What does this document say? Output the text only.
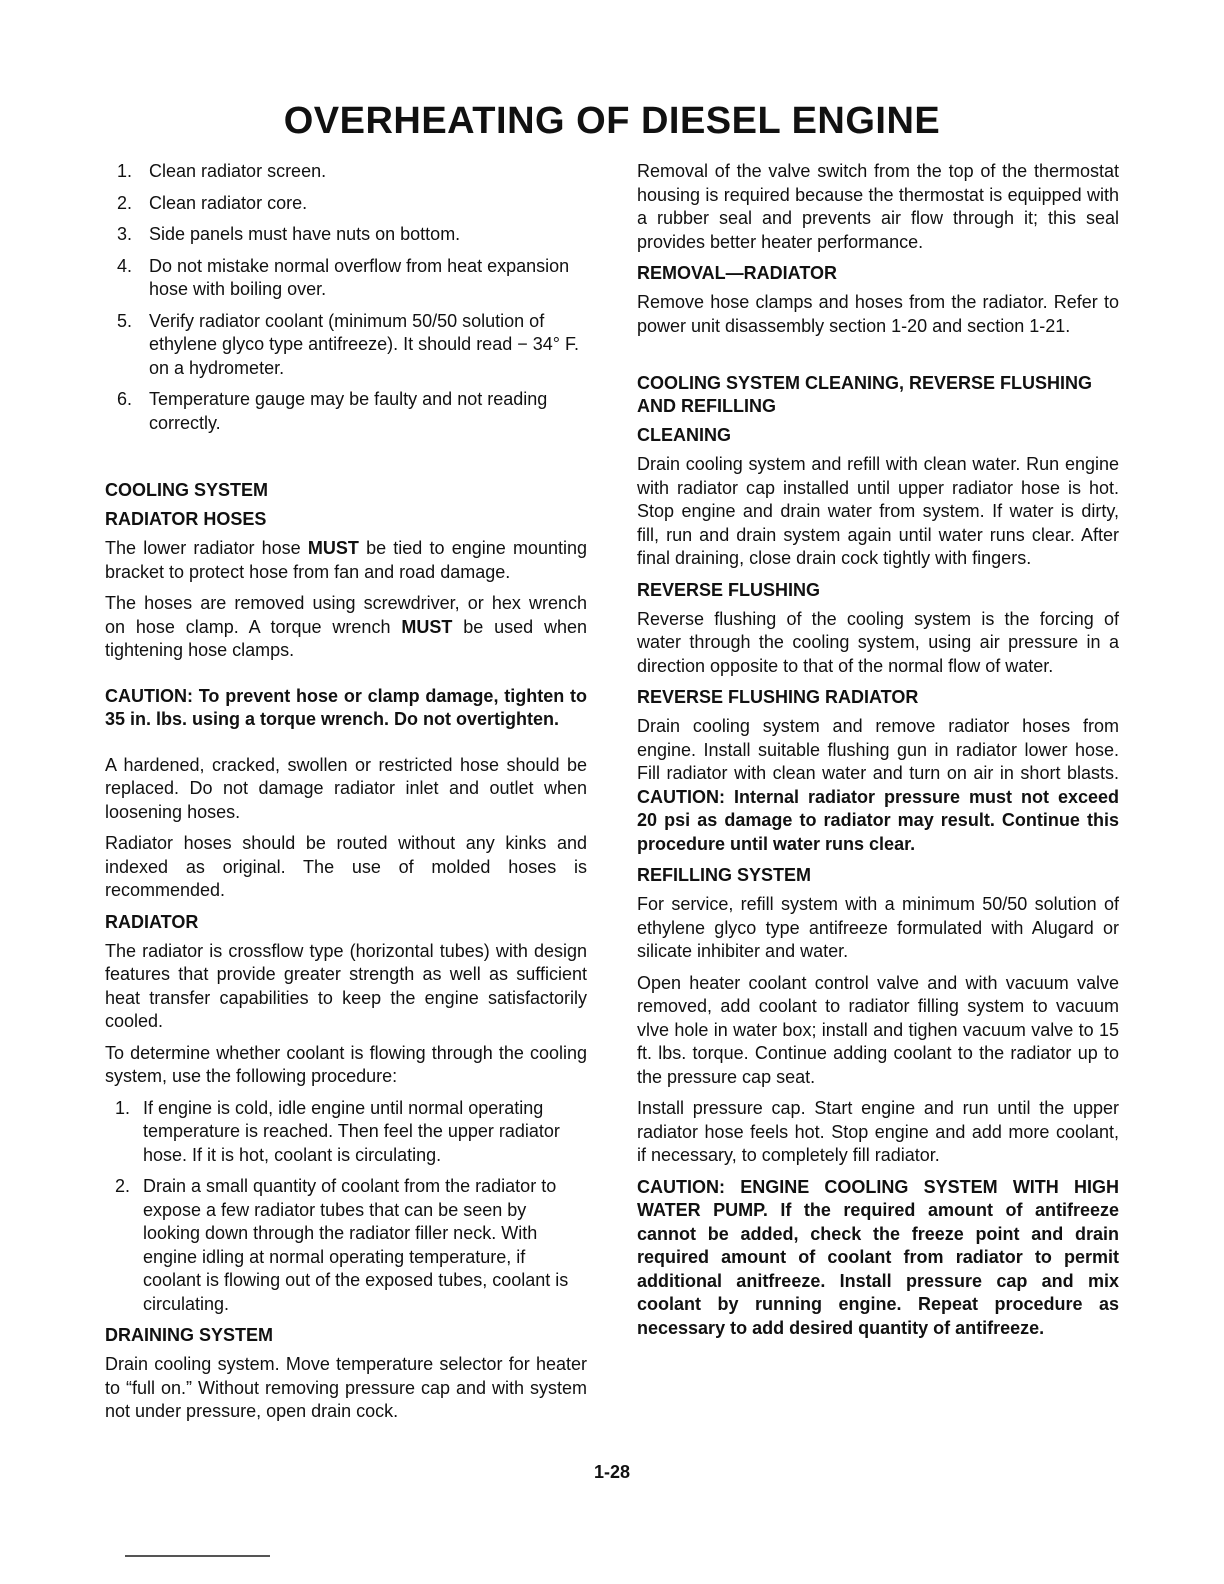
OVERHEATING OF DIESEL ENGINE
1. Clean radiator screen.
2. Clean radiator core.
3. Side panels must have nuts on bottom.
4. Do not mistake normal overflow from heat expansion hose with boiling over.
5. Verify radiator coolant (minimum 50/50 solution of ethylene glyco type antifreeze). It should read − 34° F. on a hydrometer.
6. Temperature gauge may be faulty and not reading correctly.
COOLING SYSTEM
RADIATOR HOSES

The lower radiator hose MUST be tied to engine mounting bracket to protect hose from fan and road damage.

The hoses are removed using screwdriver, or hex wrench on hose clamp. A torque wrench MUST be used when tightening hose clamps.

CAUTION: To prevent hose or clamp damage, tighten to 35 in. lbs. using a torque wrench. Do not overtighten.

A hardened, cracked, swollen or restricted hose should be replaced. Do not damage radiator inlet and outlet when loosening hoses.

Radiator hoses should be routed without any kinks and indexed as original. The use of molded hoses is recommended.

RADIATOR

The radiator is crossflow type (horizontal tubes) with design features that provide greater strength as well as sufficient heat transfer capabilities to keep the engine satisfactorily cooled.

To determine whether coolant is flowing through the cooling system, use the following procedure:

1. If engine is cold, idle engine until normal operating temperature is reached. Then feel the upper radiator hose. If it is hot, coolant is circulating.
2. Drain a small quantity of coolant from the radiator to expose a few radiator tubes that can be seen by looking down through the radiator filler neck. With engine idling at normal operating temperature, if coolant is flowing out of the exposed tubes, coolant is circulating.
DRAINING SYSTEM

Drain cooling system. Move temperature selector for heater to “full on.” Without removing pressure cap and with system not under pressure, open drain cock.

Removal of the valve switch from the top of the thermostat housing is required because the thermostat is equipped with a rubber seal and prevents air flow through it; this seal provides better heater performance.

REMOVAL—RADIATOR

Remove hose clamps and hoses from the radiator. Refer to power unit disassembly section 1-20 and section 1-21.

COOLING SYSTEM CLEANING, REVERSE FLUSHING AND REFILLING
CLEANING

Drain cooling system and refill with clean water. Run engine with radiator cap installed until upper radiator hose is hot. Stop engine and drain water from system. If water is dirty, fill, run and drain system again until water runs clear. After final draining, close drain cock tightly with fingers.

REVERSE FLUSHING

Reverse flushing of the cooling system is the forcing of water through the cooling system, using air pressure in a direction opposite to that of the normal flow of water.

REVERSE FLUSHING RADIATOR

Drain cooling system and remove radiator hoses from engine. Install suitable flushing gun in radiator lower hose. Fill radiator with clean water and turn on air in short blasts. CAUTION: Internal radiator pressure must not exceed 20 psi as damage to radiator may result. Continue this procedure until water runs clear.

REFILLING SYSTEM

For service, refill system with a minimum 50/50 solution of ethylene glyco type antifreeze formulated with Alugard or silicate inhibiter and water.

Open heater coolant control valve and with vacuum valve removed, add coolant to radiator filling system to vacuum vlve hole in water box; install and tighen vacuum valve to 15 ft. lbs. torque. Continue adding coolant to the radiator up to the pressure cap seat.

Install pressure cap. Start engine and run until the upper radiator hose feels hot. Stop engine and add more coolant, if necessary, to completely fill radiator.

CAUTION: ENGINE COOLING SYSTEM WITH HIGH WATER PUMP. If the required amount of antifreeze cannot be added, check the freeze point and drain required amount of coolant from radiator to permit additional anitfreeze. Install pressure cap and mix coolant by running engine. Repeat procedure as necessary to add desired quantity of antifreeze.

1-28
